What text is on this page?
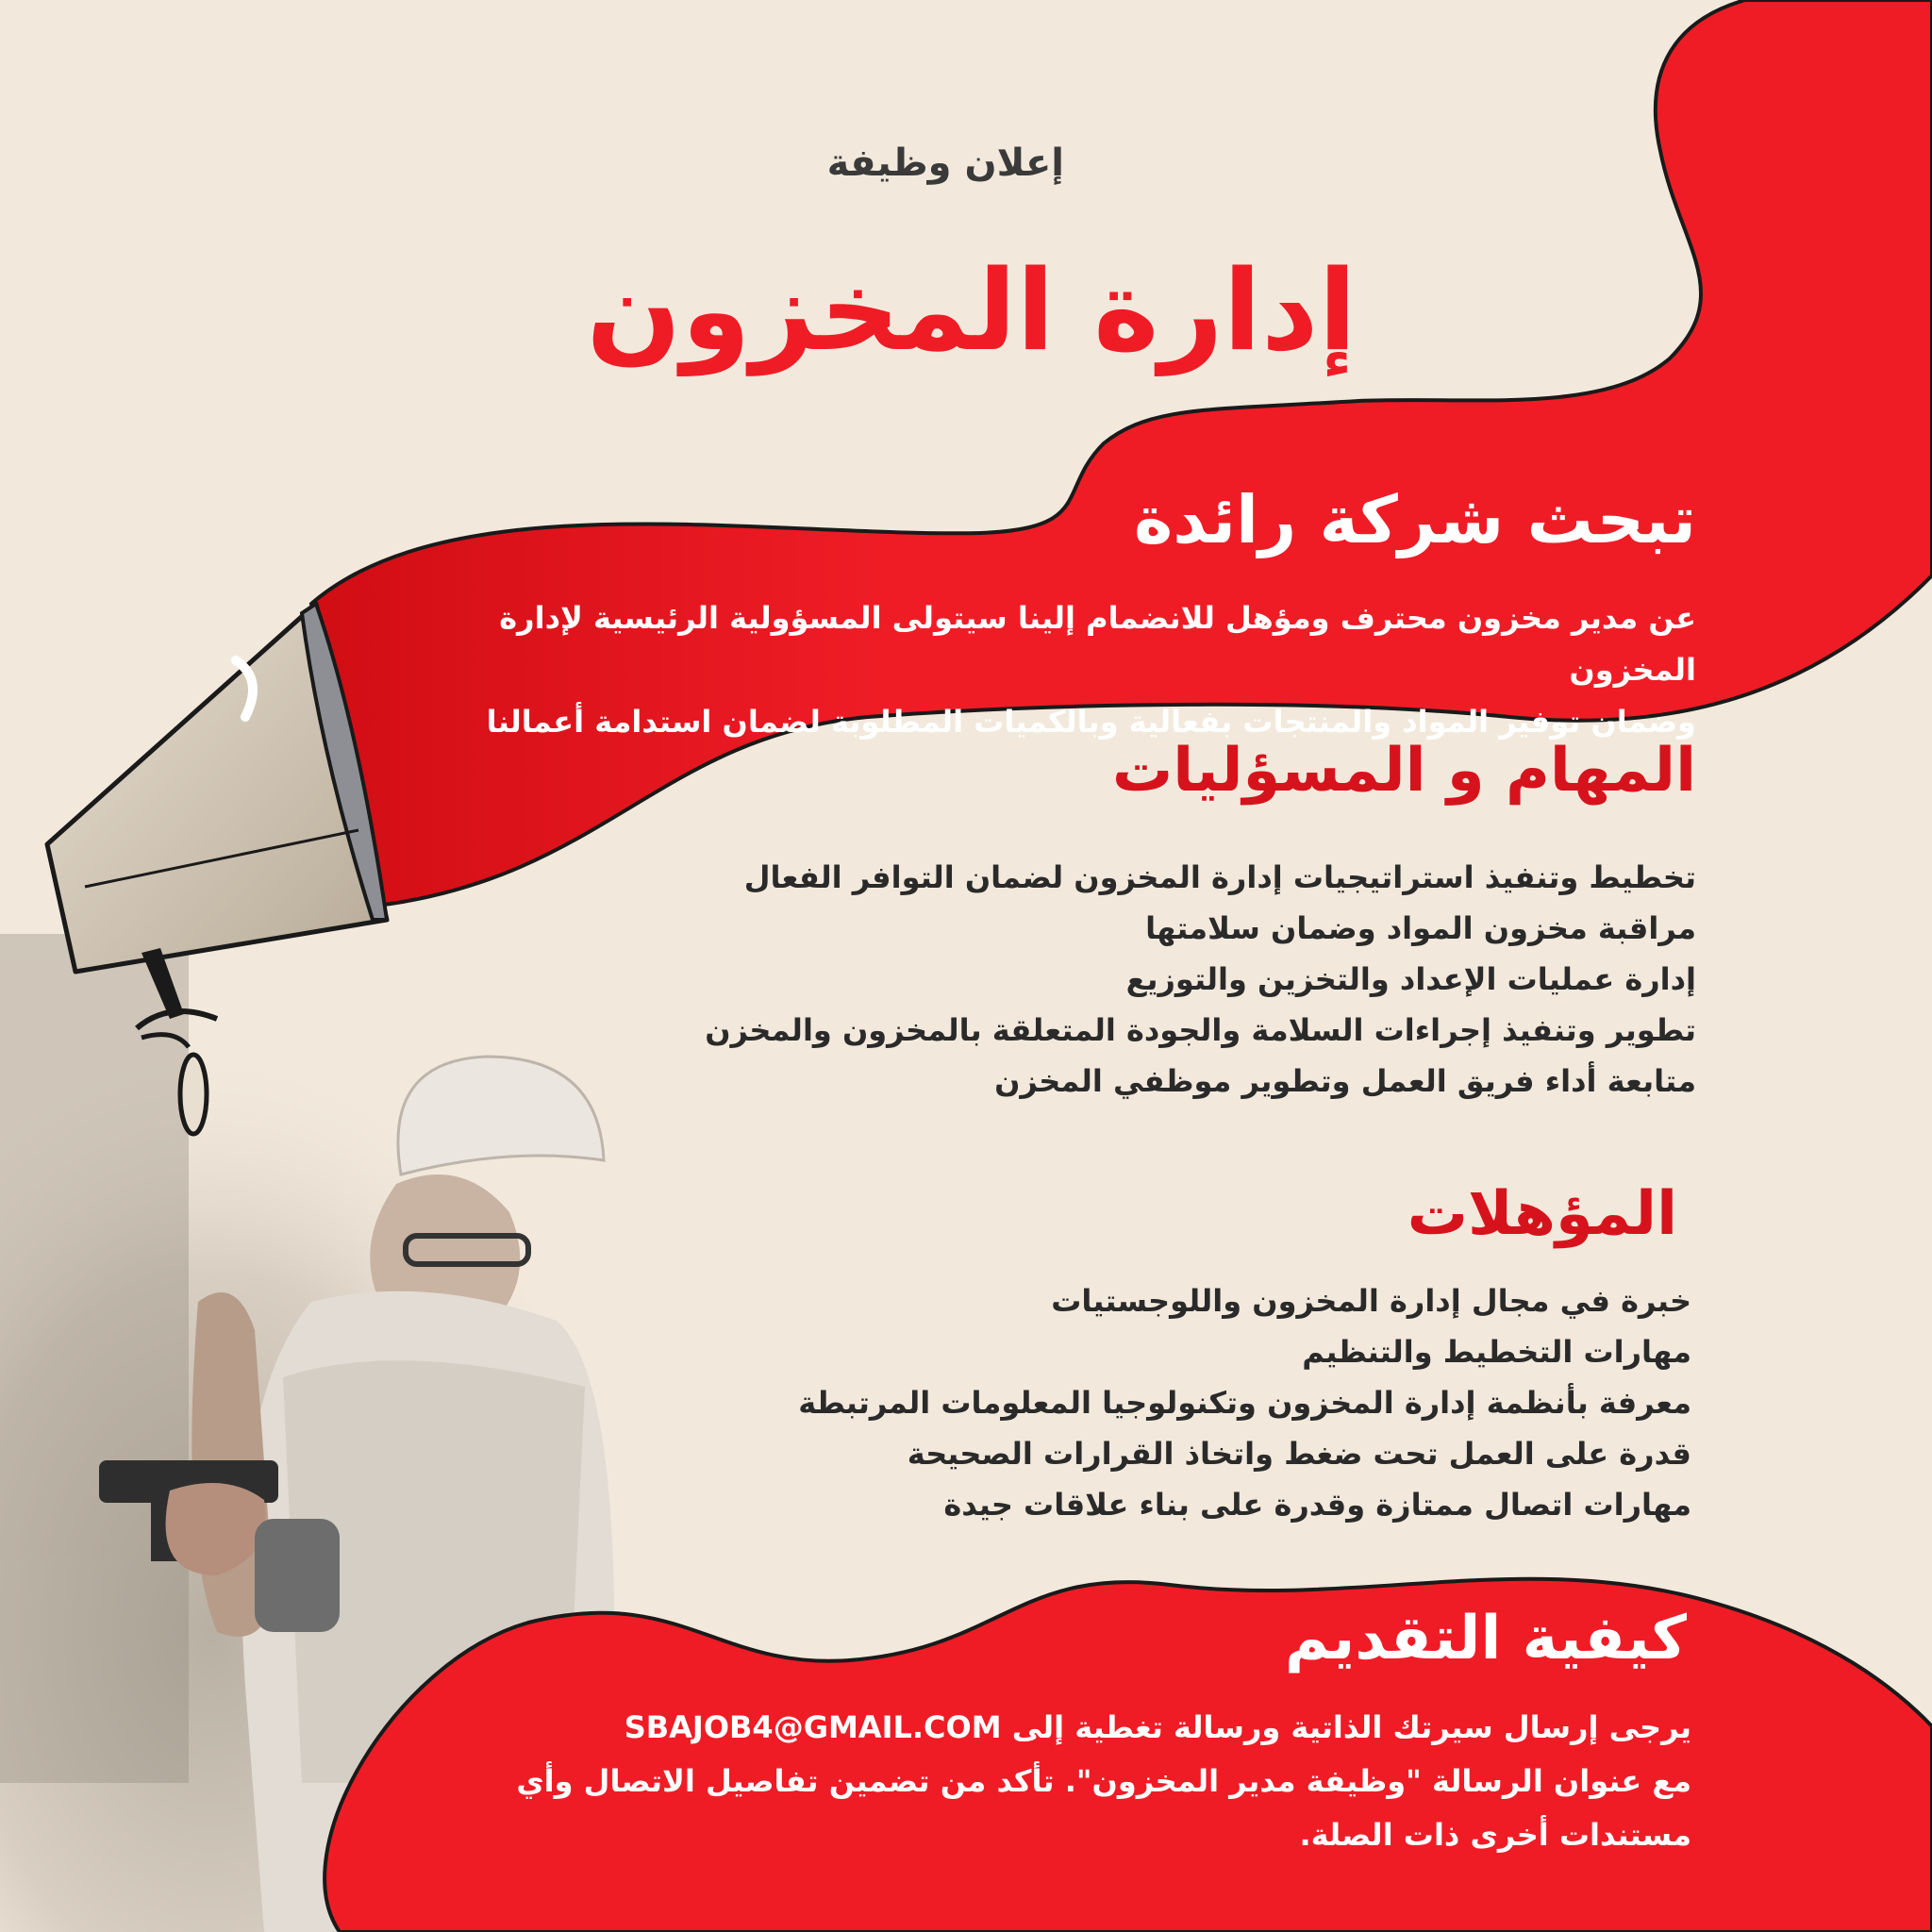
إعلان وظيفة
إدارة المخزون
تبحث شركة رائدة
عن مدير مخزون محترف ومؤهل للانضمام إلينا سيتولى المسؤولية الرئيسية لإدارة المخزون
وضمان توفير المواد والمنتجات بفعالية وبالكميات المطلوبة لضمان استدامة أعمالنا
المهام و المسؤليات
تخطيط وتنفيذ استراتيجيات إدارة المخزون لضمان التوافر الفعال
مراقبة مخزون المواد وضمان سلامتها
إدارة عمليات الإعداد والتخزين والتوزيع
تطوير وتنفيذ إجراءات السلامة والجودة المتعلقة بالمخزون والمخزن
متابعة أداء فريق العمل وتطوير موظفي المخزن
المؤهلات
خبرة في مجال إدارة المخزون واللوجستيات
مهارات التخطيط والتنظيم
معرفة بأنظمة إدارة المخزون وتكنولوجيا المعلومات المرتبطة
قدرة على العمل تحت ضغط واتخاذ القرارات الصحيحة
مهارات اتصال ممتازة وقدرة على بناء علاقات جيدة
كيفية التقديم

يرجى إرسال سيرتك الذاتية ورسالة تغطية إلى SBAJOB4@GMAIL.COM

مع عنوان الرسالة "وظيفة مدير المخزون". تأكد من تضمين تفاصيل الاتصال وأي

مستندات أخرى ذات الصلة.
